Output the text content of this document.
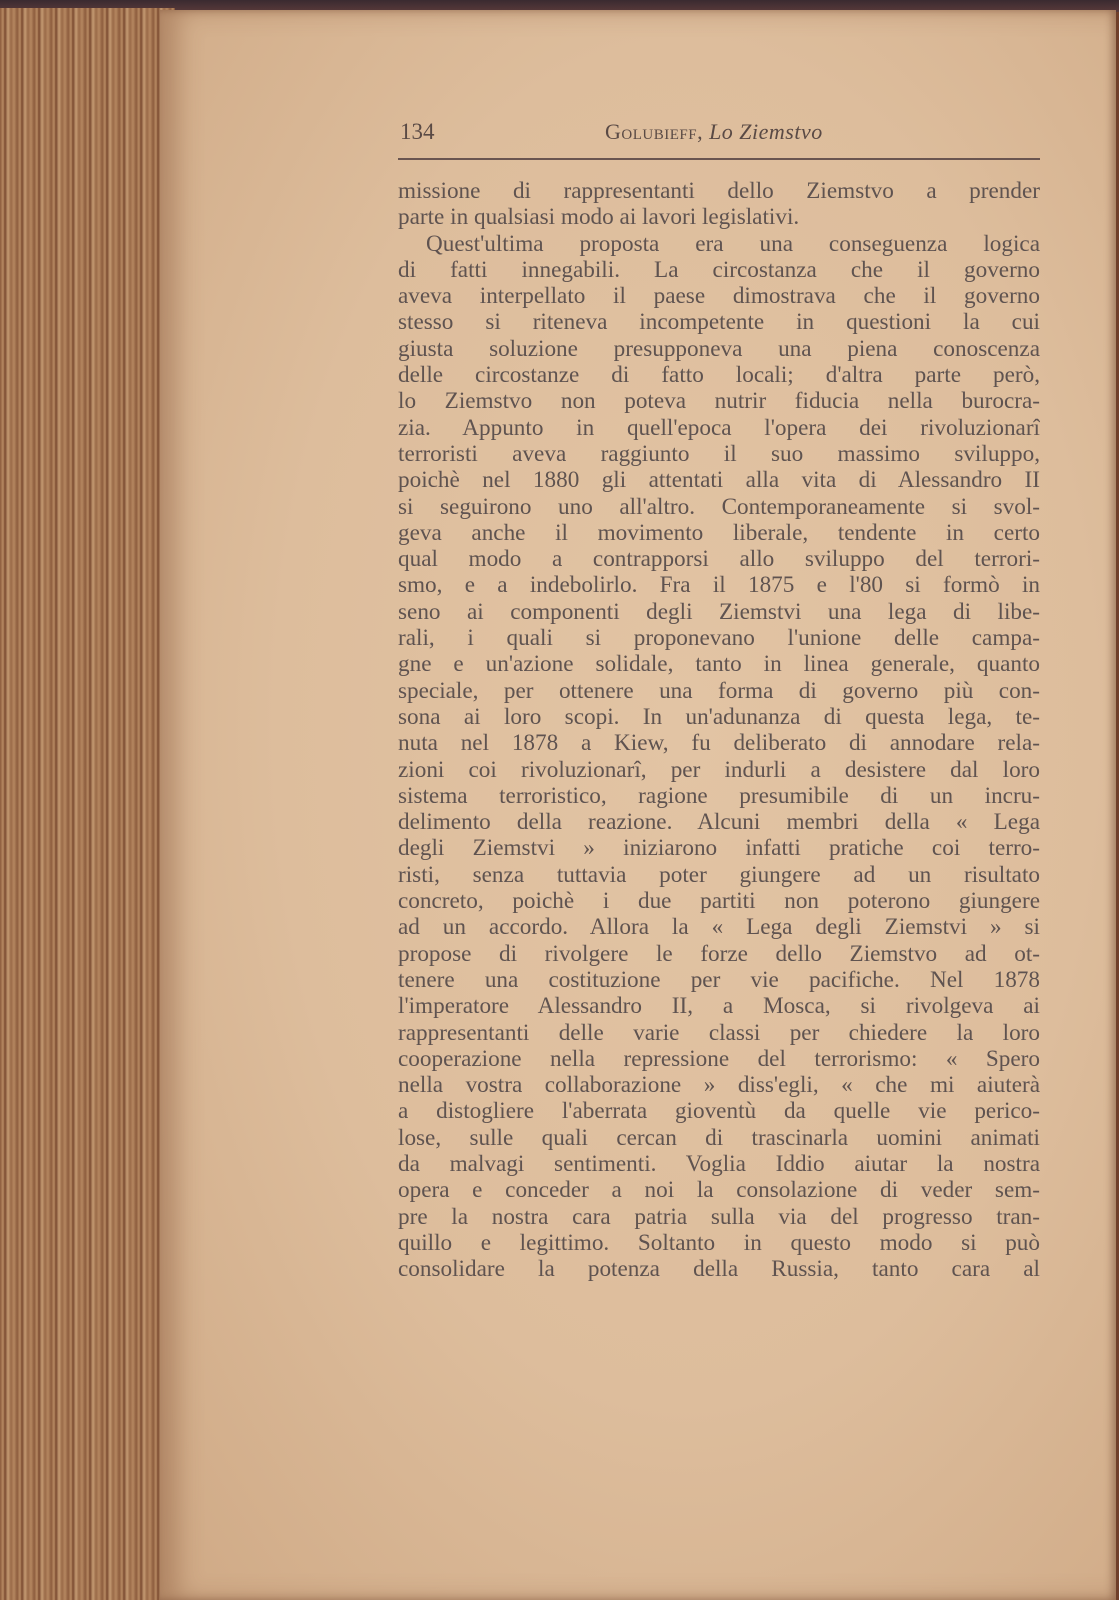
134	Golubieff, Lo Ziemstvo
missione di rappresentanti dello Ziemstvo a prender
parte in qualsiasi modo ai lavori legislativi.
Quest'ultima proposta era una conseguenza logica
di fatti innegabili. La circostanza che il governo
aveva interpellato il paese dimostrava che il governo
stesso si riteneva incompetente in questioni la cui
giusta soluzione presupponeva una piena conoscenza
delle circostanze di fatto locali; d'altra parte però,
lo Ziemstvo non poteva nutrir fiducia nella burocra-
zia. Appunto in quell'epoca l'opera dei rivoluzionarî
terroristi aveva raggiunto il suo massimo sviluppo,
poichè nel 1880 gli attentati alla vita di Alessandro II
si seguirono uno all'altro. Contemporaneamente si svol-
geva anche il movimento liberale, tendente in certo
qual modo a contrapporsi allo sviluppo del terrori-
smo, e a indebolirlo. Fra il 1875 e l'80 si formò in
seno ai componenti degli Ziemstvi una lega di libe-
rali, i quali si proponevano l'unione delle campa-
gne e un'azione solidale, tanto in linea generale, quanto
speciale, per ottenere una forma di governo più con-
sona ai loro scopi. In un'adunanza di questa lega, te-
nuta nel 1878 a Kiew, fu deliberato di annodare rela-
zioni coi rivoluzionarî, per indurli a desistere dal loro
sistema terroristico, ragione presumibile di un incru-
delimento della reazione. Alcuni membri della « Lega
degli Ziemstvi » iniziarono infatti pratiche coi terro-
risti, senza tuttavia poter giungere ad un risultato
concreto, poichè i due partiti non poterono giungere
ad un accordo. Allora la « Lega degli Ziemstvi » si
propose di rivolgere le forze dello Ziemstvo ad ot-
tenere una costituzione per vie pacifiche. Nel 1878
l'imperatore Alessandro II, a Mosca, si rivolgeva ai
rappresentanti delle varie classi per chiedere la loro
cooperazione nella repressione del terrorismo: « Spero
nella vostra collaborazione » diss'egli, « che mi aiuterà
a distogliere l'aberrata gioventù da quelle vie perico-
lose, sulle quali cercan di trascinarla uomini animati
da malvagi sentimenti. Voglia Iddio aiutar la nostra
opera e conceder a noi la consolazione di veder sem-
pre la nostra cara patria sulla via del progresso tran-
quillo e legittimo. Soltanto in questo modo si può
consolidare la potenza della Russia, tanto cara al
